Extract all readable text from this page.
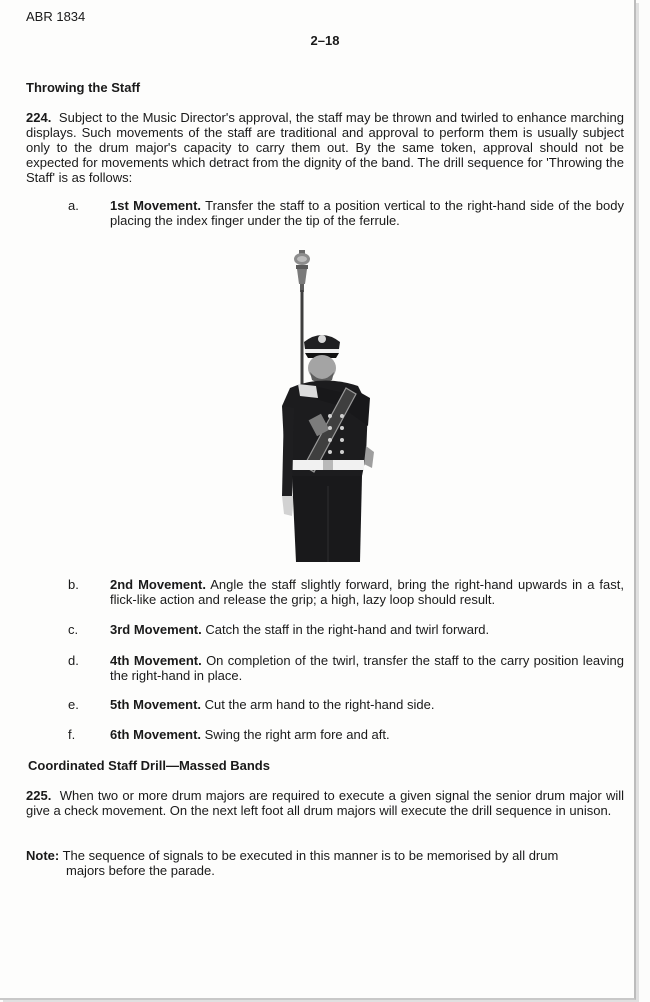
ABR 1834
2–18
Throwing the Staff
224. Subject to the Music Director's approval, the staff may be thrown and twirled to enhance marching displays. Such movements of the staff are traditional and approval to perform them is usually subject only to the drum major's capacity to carry them out. By the same token, approval should not be expected for movements which detract from the dignity of the band. The drill sequence for 'Throwing the Staff' is as follows:
a. 1st Movement. Transfer the staff to a position vertical to the right-hand side of the body placing the index finger under the tip of the ferrule.
b. 2nd Movement. Angle the staff slightly forward, bring the right-hand upwards in a fast, flick-like action and release the grip; a high, lazy loop should result.
c. 3rd Movement. Catch the staff in the right-hand and twirl forward.
d. 4th Movement. On completion of the twirl, transfer the staff to the carry position leaving the right-hand in place.
e. 5th Movement. Cut the arm hand to the right-hand side.
f.	6th Movement. Swing the right arm fore and aft.
Coordinated Staff Drill—Massed Bands
225. When two or more drum majors are required to execute a given signal the senior drum major will give a check movement. On the next left foot all drum majors will execute the drill sequence in unison.
Note: The sequence of signals to be executed in this manner is to be memorised by all drum
majors before the parade.
